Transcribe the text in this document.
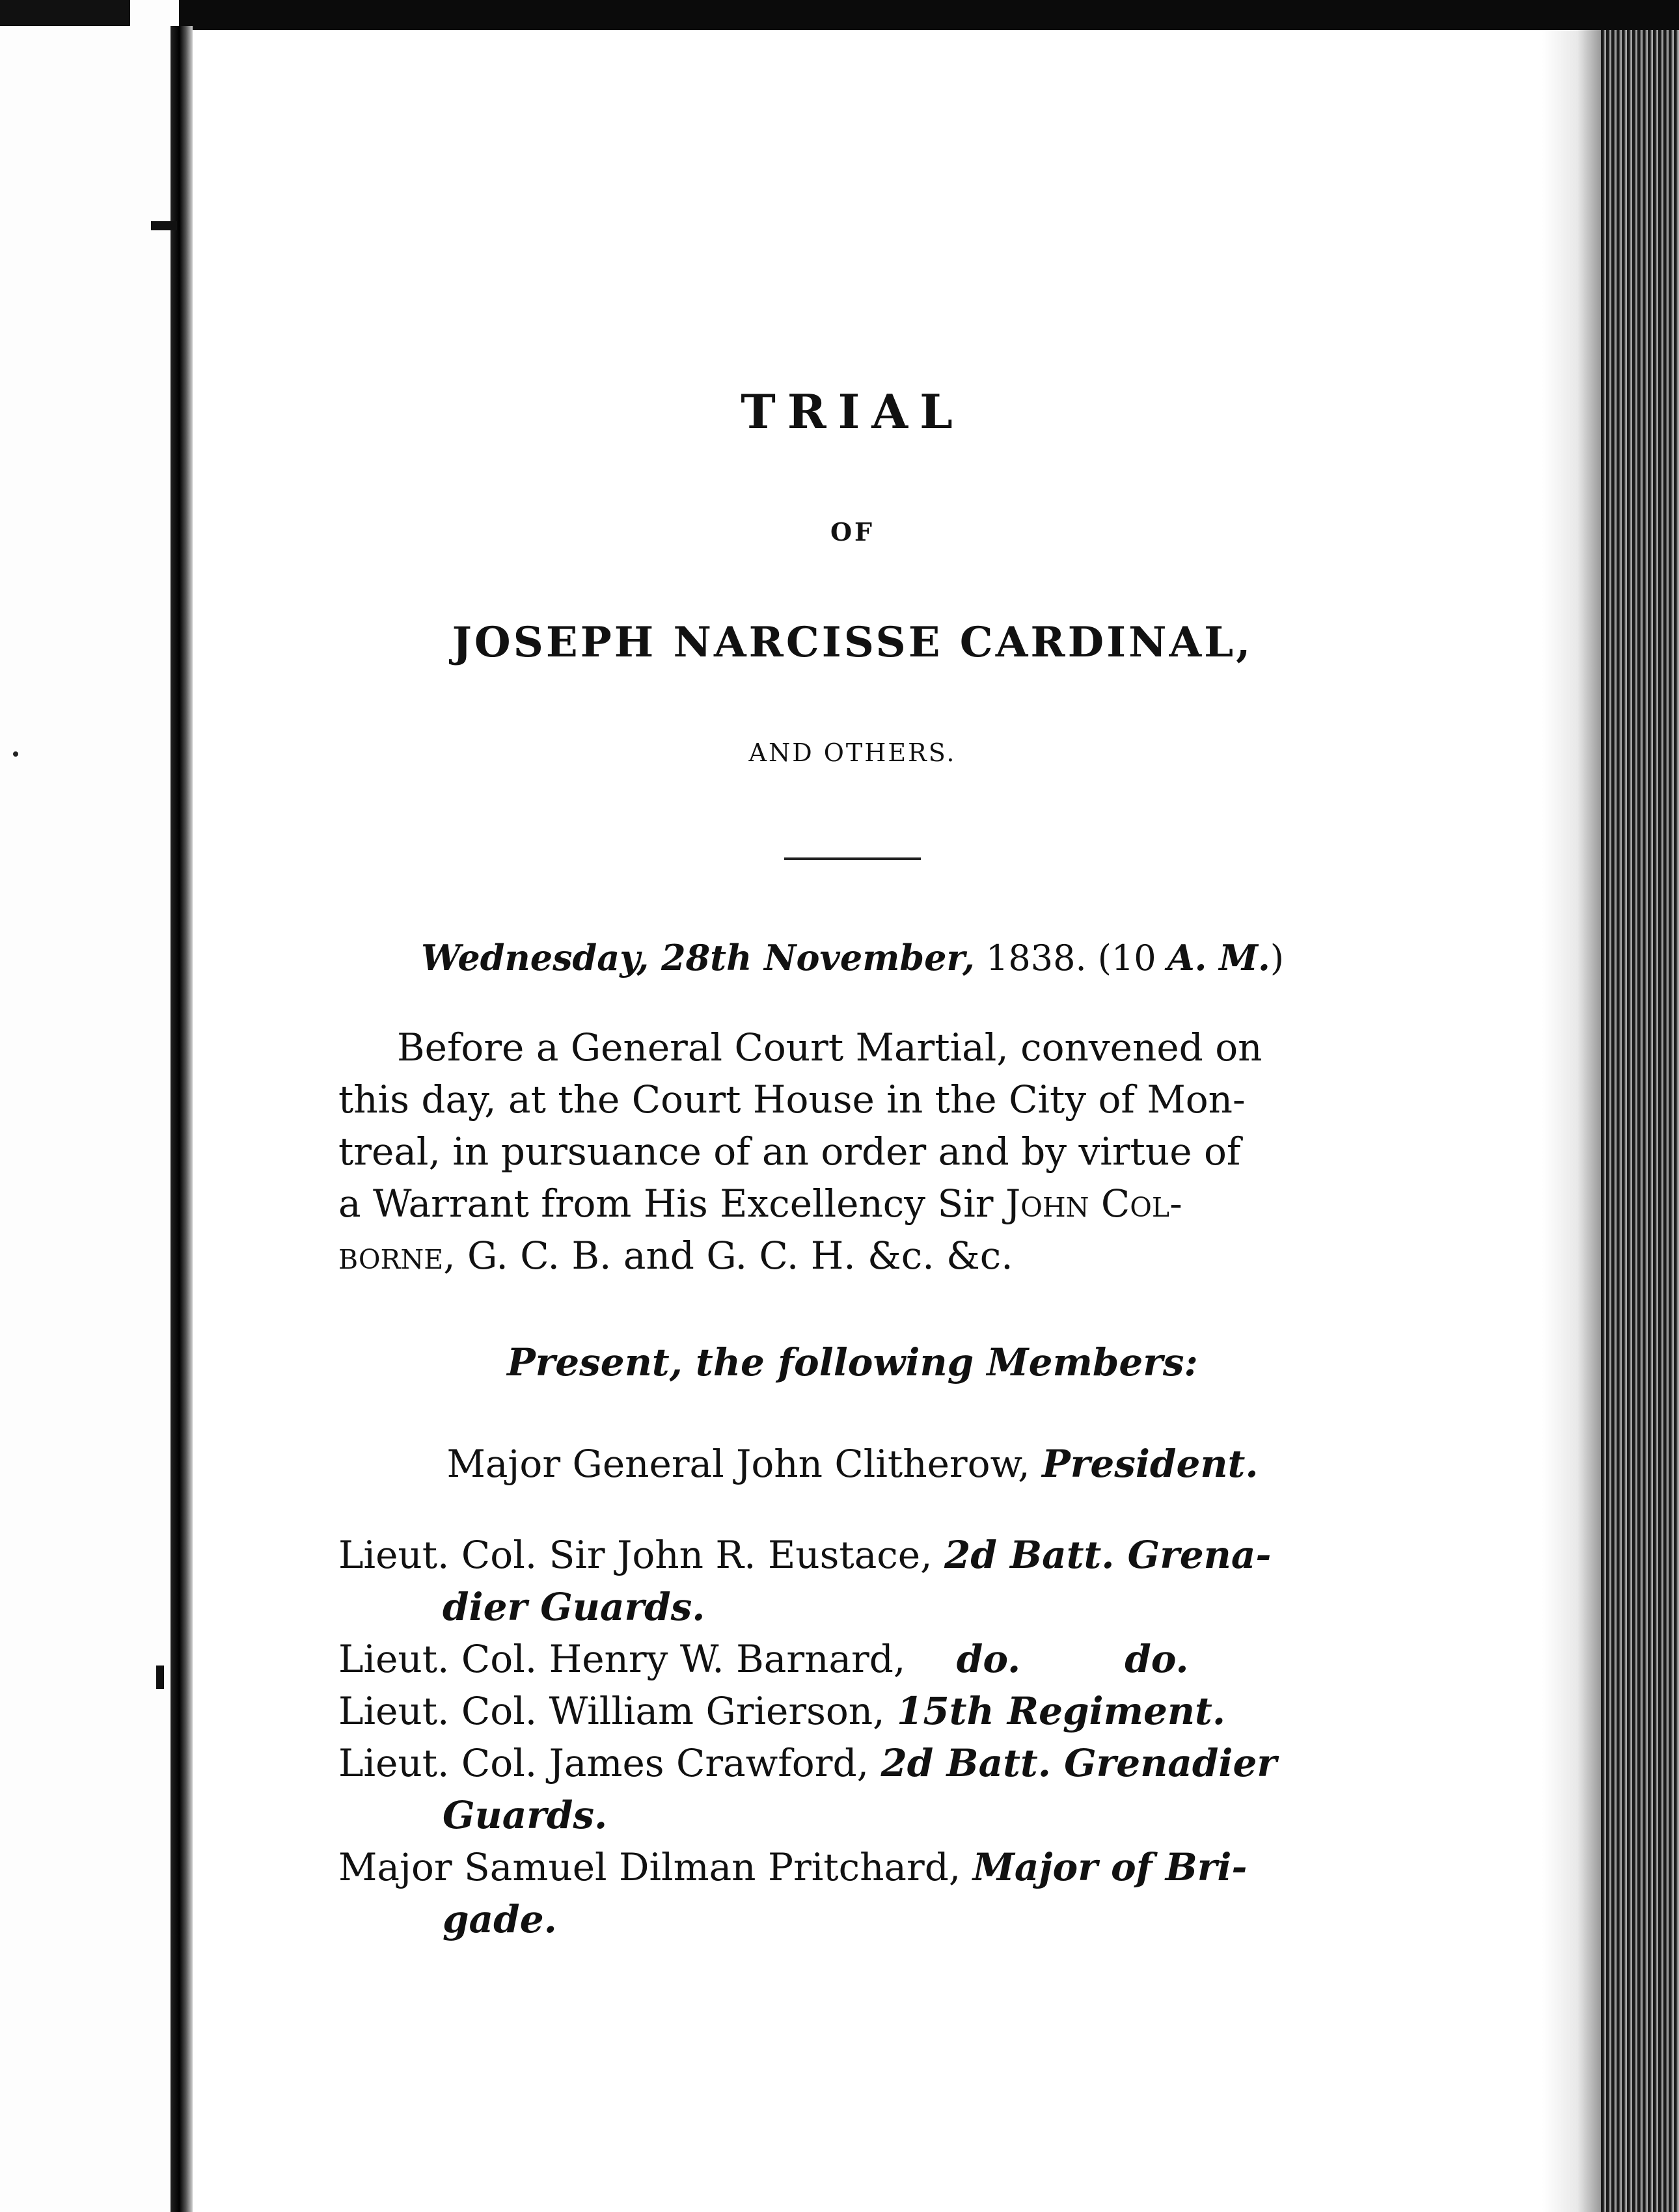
TRIAL
OF
JOSEPH NARCISSE CARDINAL,
AND OTHERS.

Wednesday, 28th November, 1838. (10 A. M.)

Before a General Court Martial, convened on
this day, at the Court House in the City of Mon-
treal, in pursuance of an order and by virtue of
a Warrant from His Excellency Sir John Col-
borne, G. C. B. and G. C. H. &c. &c.

Present, the following Members:

Major General John Clitherow, President.

Lieut. Col. Sir John R. Eustace, 2d Batt. Grena-
dier Guards.

Lieut. Col. Henry W. Barnard, do.	do.

Lieut. Col. William Grierson, 15th Regiment.

Lieut. Col. James Crawford, 2d Batt. Grenadier
Guards.

Major Samuel Dilman Pritchard, Major of Bri-
gade.
